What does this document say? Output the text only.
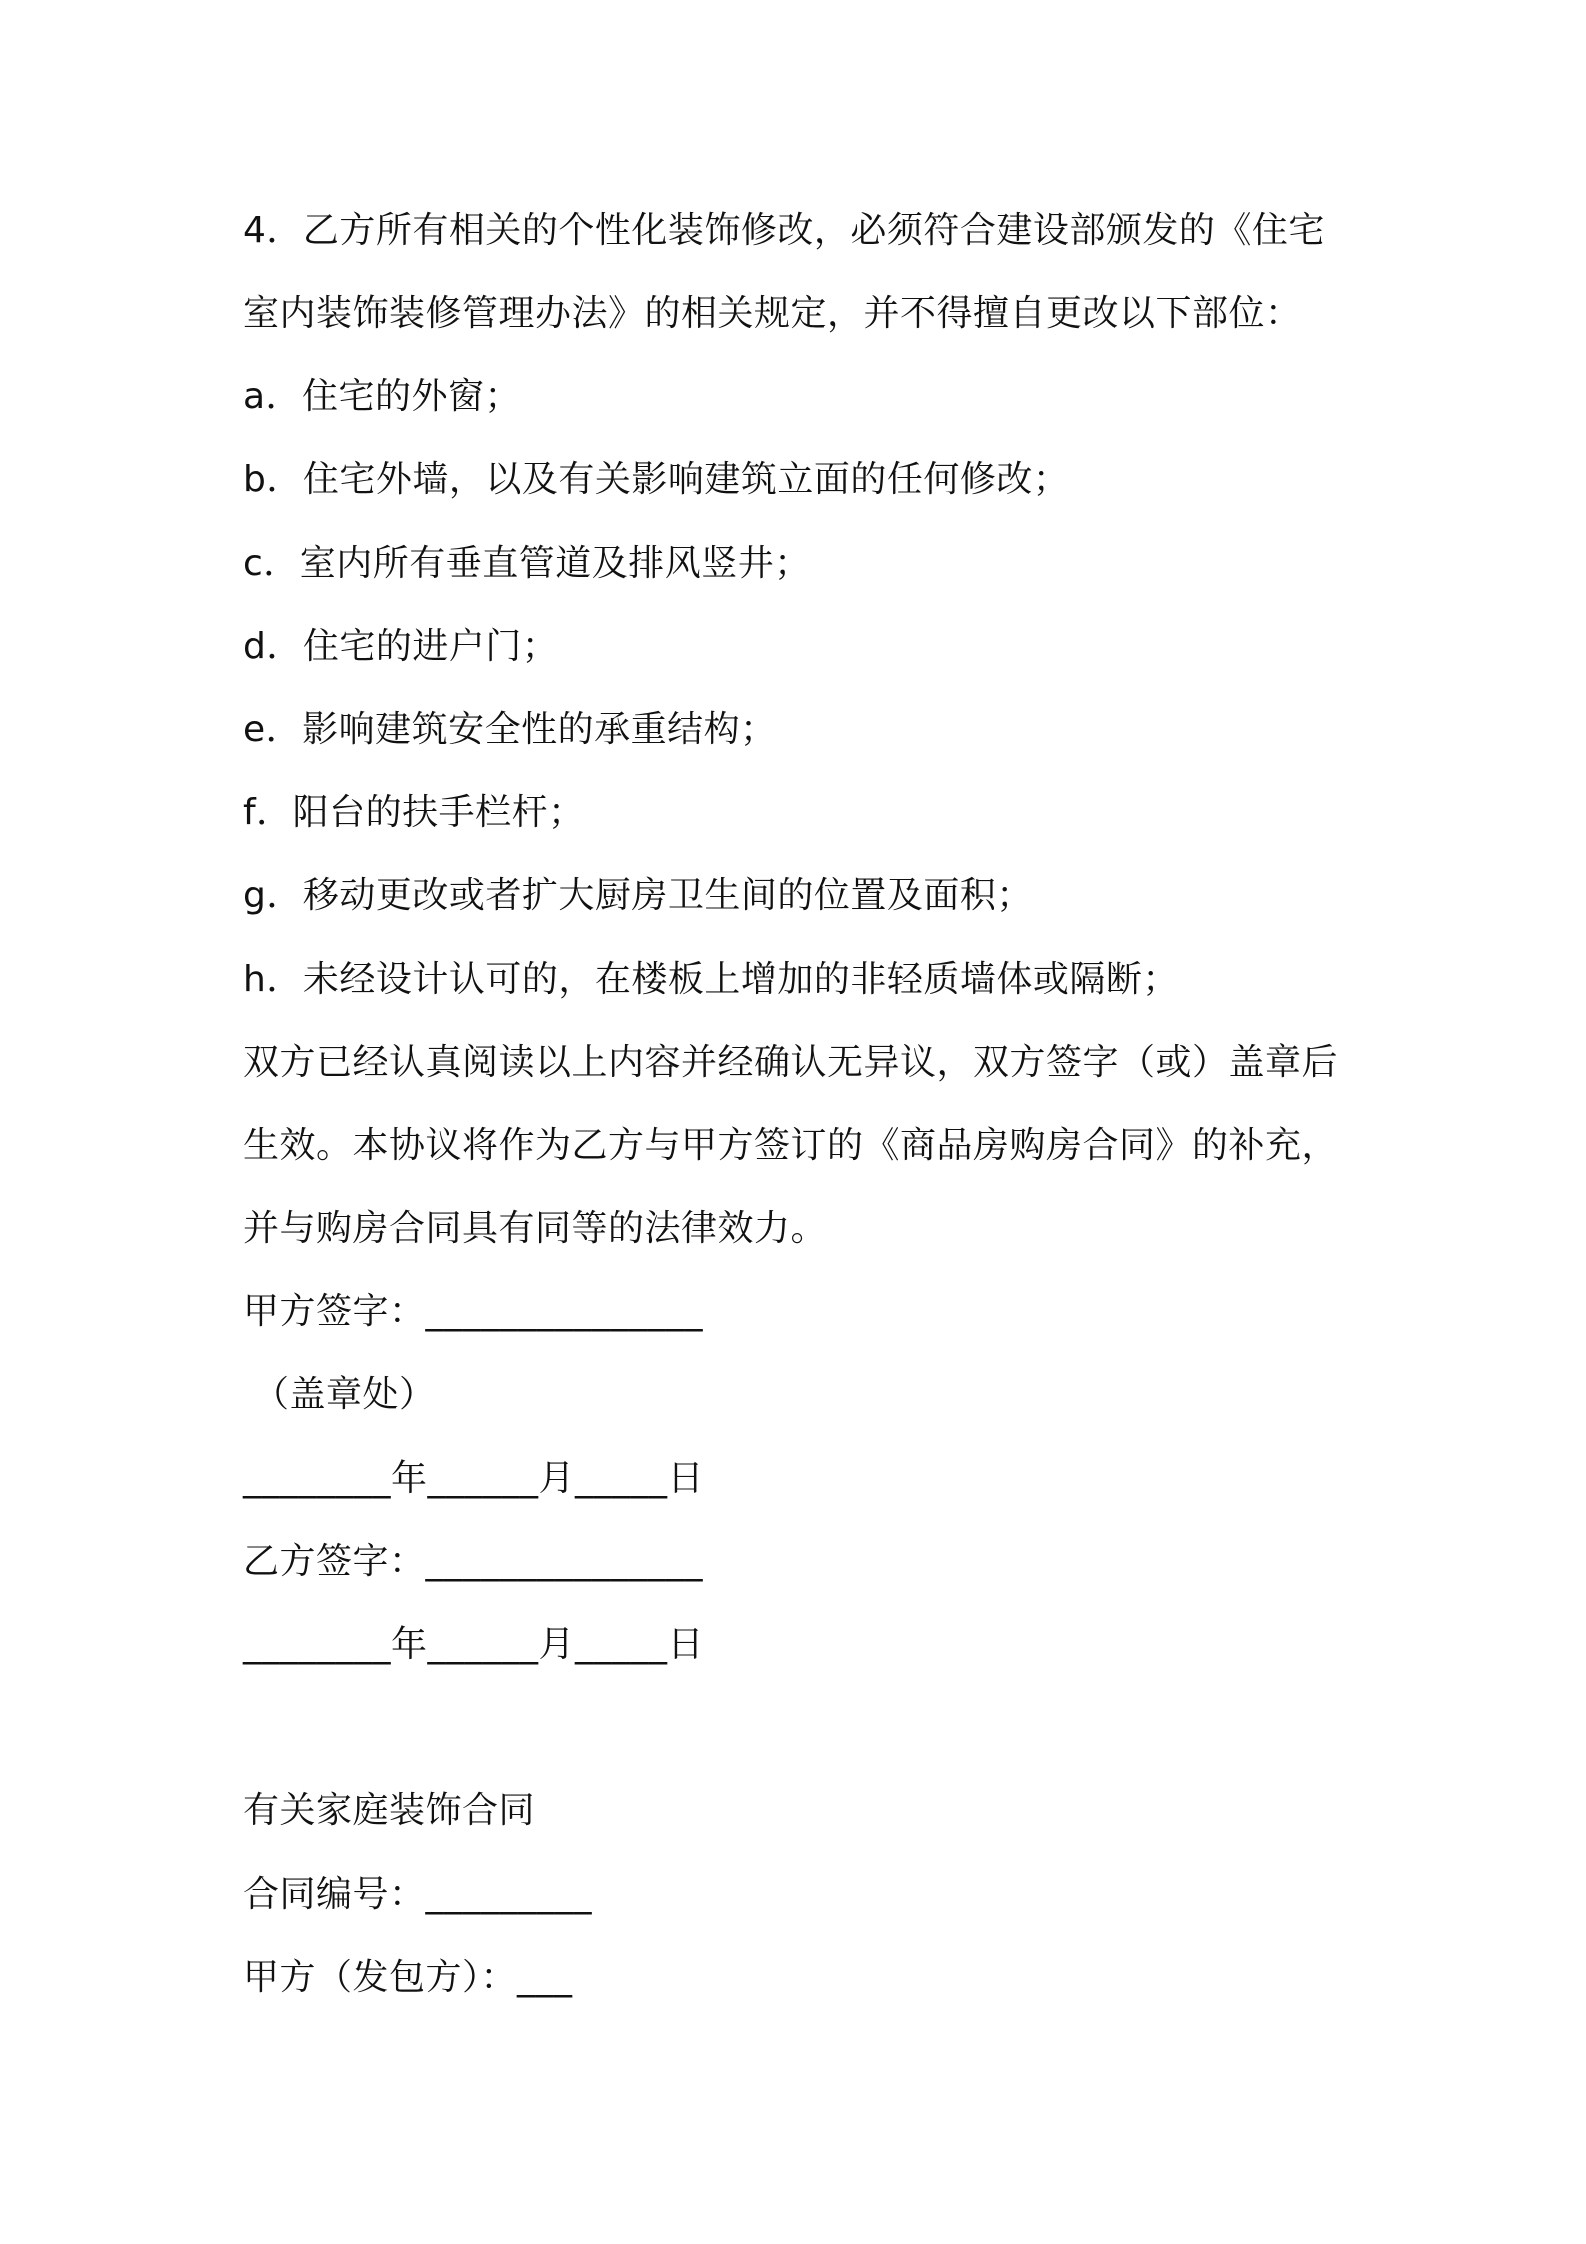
4．乙方所有相关的个性化装饰修改，必须符合建设部颁发的《住宅
室内装饰装修管理办法》的相关规定，并不得擅自更改以下部位：
a．住宅的外窗；
b．住宅外墙，以及有关影响建筑立面的任何修改；
c．室内所有垂直管道及排风竖井；
d．住宅的进户门；
e．影响建筑安全性的承重结构；
f．阳台的扶手栏杆；
g．移动更改或者扩大厨房卫生间的位置及面积；
h．未经设计认可的，在楼板上增加的非轻质墙体或隔断；
双方已经认真阅读以上内容并经确认无异议，双方签字（或）盖章后
生效。本协议将作为乙方与甲方签订的《商品房购房合同》的补充，
并与购房合同具有同等的法律效力。
甲方签字：_______________
（盖章处）
________年______月_____日
乙方签字：_______________
________年______月_____日
有关家庭装饰合同
合同编号：_________
甲方（发包方）：___
